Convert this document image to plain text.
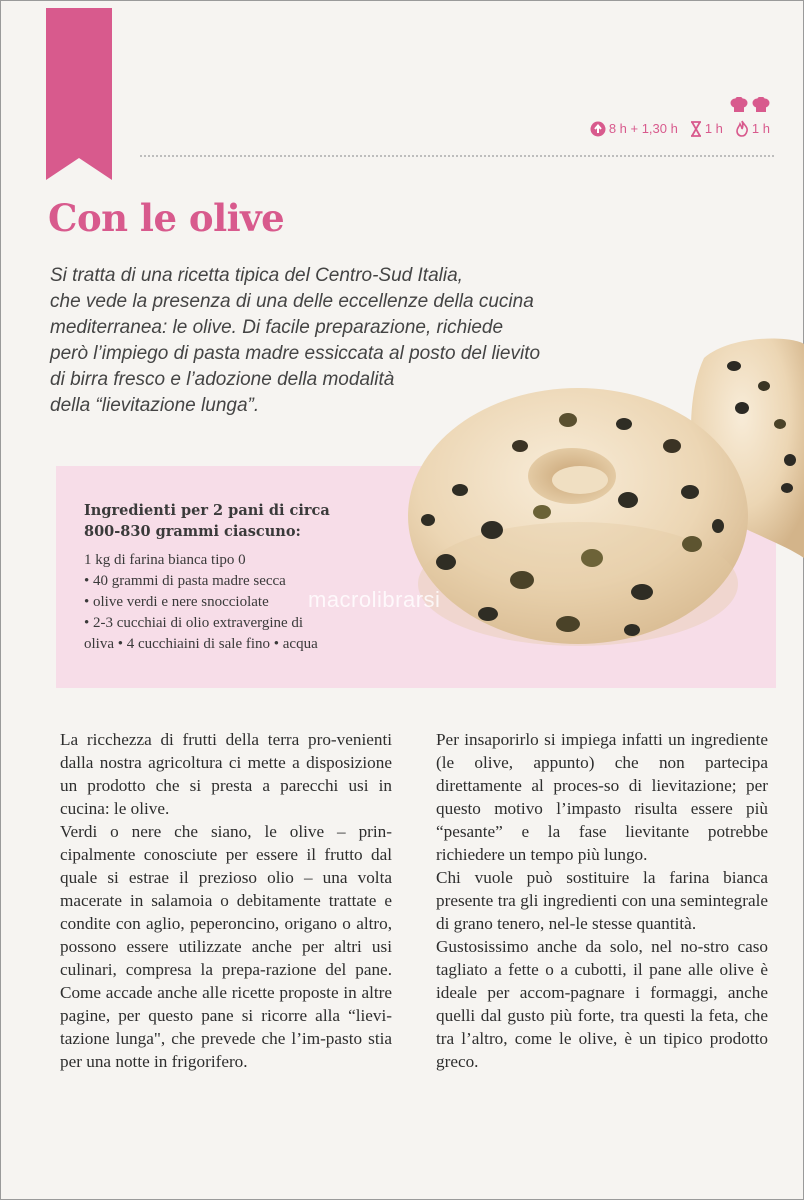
8 h + 1,30 h 1 h 1 h
Con le olive
Si tratta di una ricetta tipica del Centro-Sud Italia,
che vede la presenza di una delle eccellenze della cucina
mediterranea: le olive. Di facile preparazione, richiede
però l’impiego di pasta madre essiccata al posto del lievito
di birra fresco e l’adozione della modalità
della “lievitazione lunga”.
macrolibrarsi
Ingredienti per 2 pani di circa
800-830 grammi ciascuno:
1 kg di farina bianca tipo 0
• 40 grammi di pasta madre secca
• olive verdi e nere snocciolate
• 2-3 cucchiai di olio extravergine di
oliva • 4 cucchiaini di sale fino • acqua

La ricchezza di frutti della terra pro-venienti dalla nostra agricoltura ci mette a disposizione un prodotto che si presta a parecchi usi in cucina: le olive.

Verdi o nere che siano, le olive – prin-cipalmente conosciute per essere il frutto dal quale si estrae il prezioso olio – una volta macerate in salamoia o debitamente trattate e condite con aglio, peperoncino, origano o altro, possono essere utilizzate anche per altri usi culinari, compresa la prepa-razione del pane. Come accade anche alle ricette proposte in altre pagine, per questo pane si ricorre alla “lievi-tazione lunga", che prevede che l’im-pasto stia per una notte in frigorifero.

Per insaporirlo si impiega infatti un ingrediente (le olive, appunto) che non partecipa direttamente al proces-so di lievitazione; per questo motivo l’impasto risulta essere più “pesante” e la fase lievitante potrebbe richiedere un tempo più lungo.

Chi vuole può sostituire la farina bianca presente tra gli ingredienti con una semintegrale di grano tenero, nel-le stesse quantità.

Gustosissimo anche da solo, nel no-stro caso tagliato a fette o a cubotti, il pane alle olive è ideale per accom-pagnare i formaggi, anche quelli dal gusto più forte, tra questi la feta, che tra l’altro, come le olive, è un tipico prodotto greco.
